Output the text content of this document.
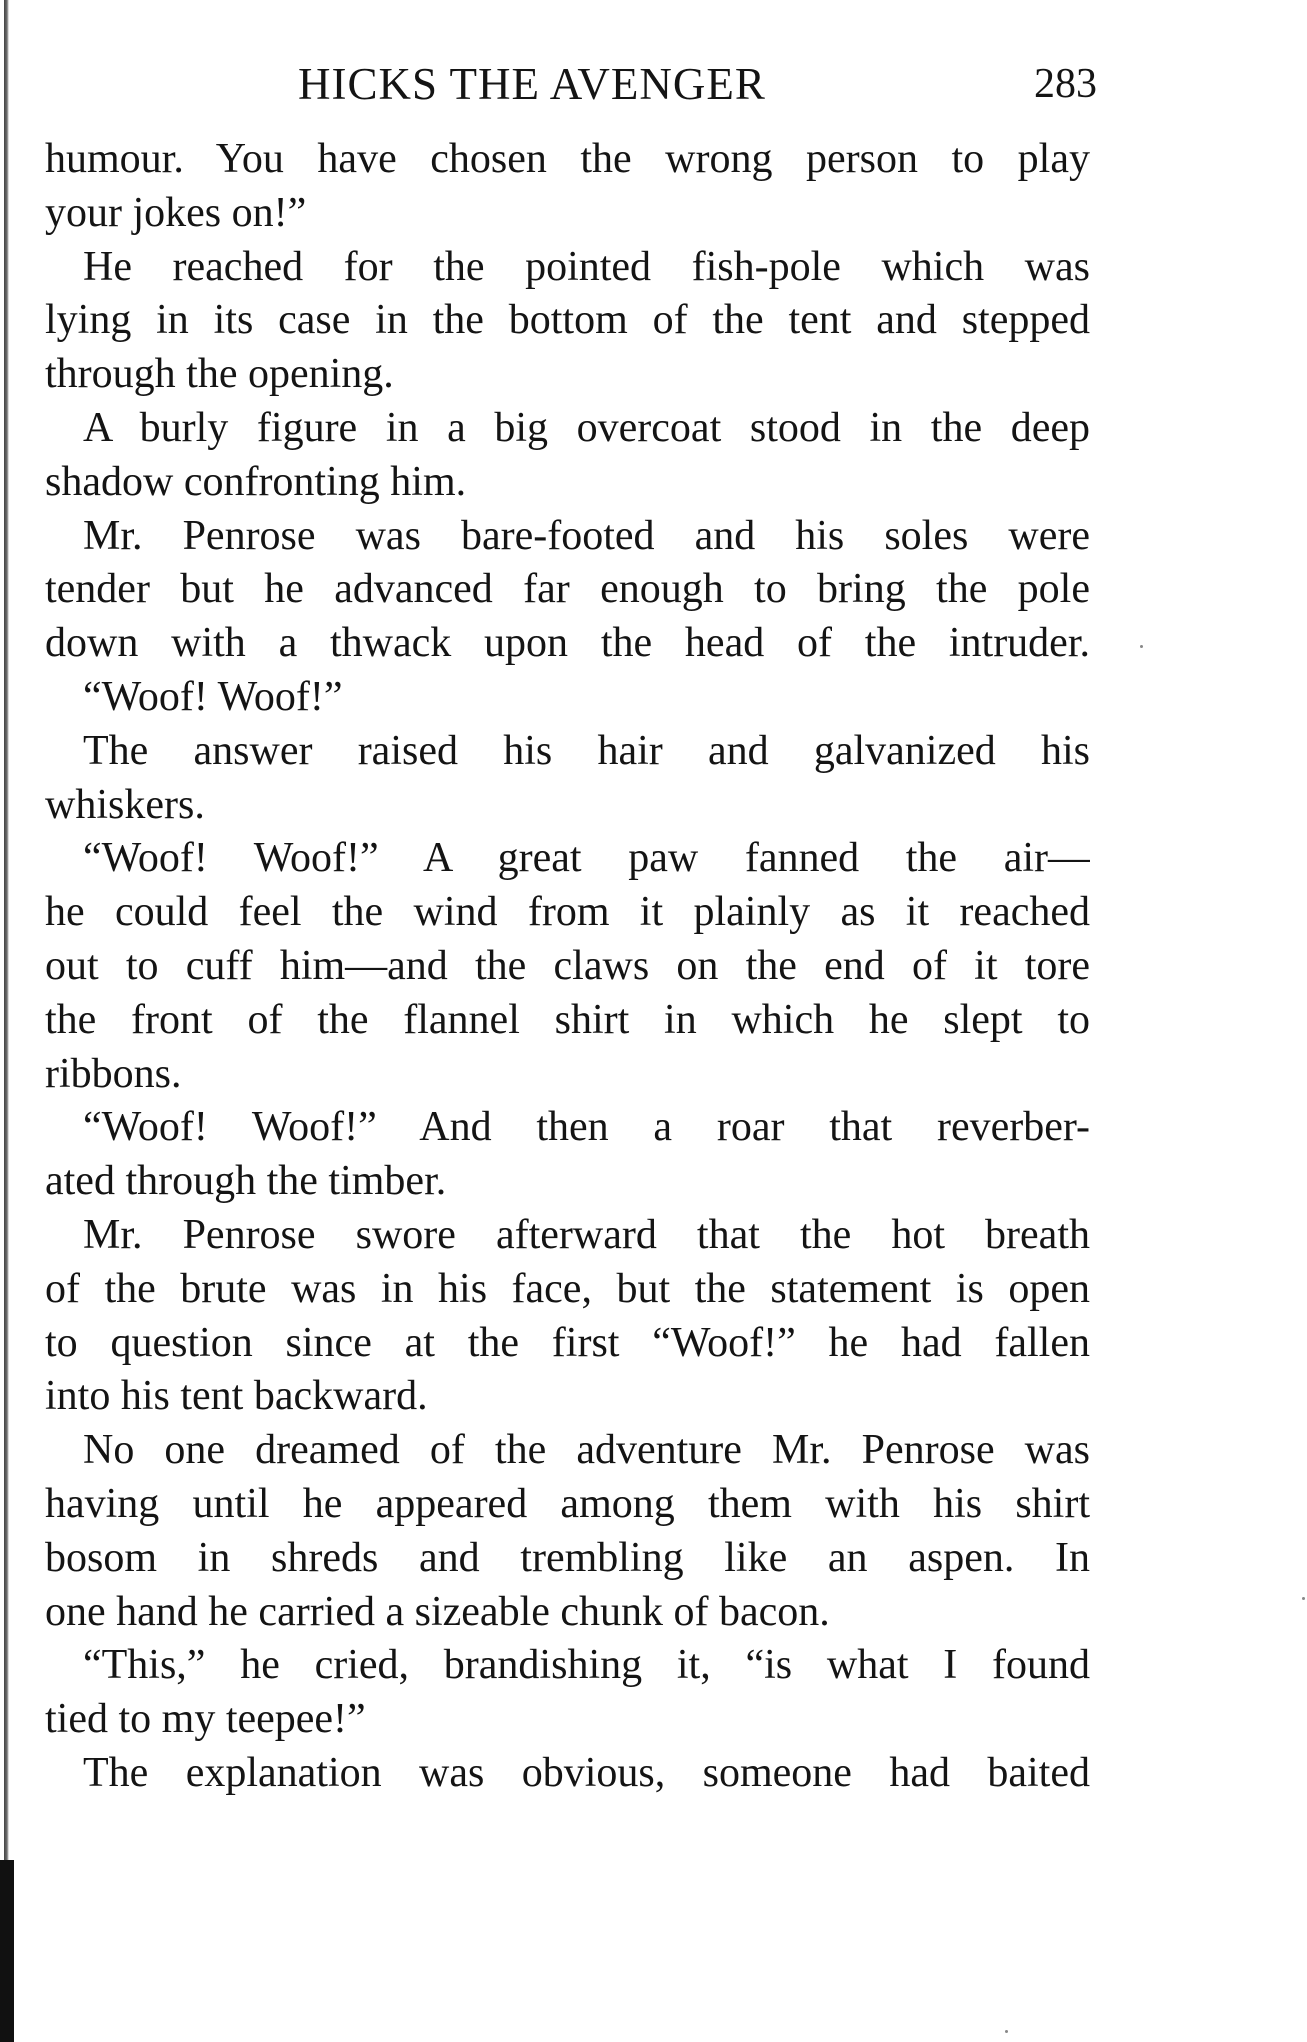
HICKS THE AVENGER	283
humour. You have chosen the wrong person to play
your jokes on!”
He reached for the pointed fish-pole which was
lying in its case in the bottom of the tent and stepped
through the opening.
A burly figure in a big overcoat stood in the deep
shadow confronting him.
Mr. Penrose was bare-footed and his soles were
tender but he advanced far enough to bring the pole
down with a thwack upon the head of the intruder.
“Woof! Woof!”
The answer raised his hair and galvanized his
whiskers.
“Woof! Woof!” A great paw fanned the air—
he could feel the wind from it plainly as it reached
out to cuff him—and the claws on the end of it tore
the front of the flannel shirt in which he slept to
ribbons.
“Woof! Woof!” And then a roar that reverber-
ated through the timber.
Mr. Penrose swore afterward that the hot breath
of the brute was in his face, but the statement is open
to question since at the first “Woof!” he had fallen
into his tent backward.
No one dreamed of the adventure Mr. Penrose was
having until he appeared among them with his shirt
bosom in shreds and trembling like an aspen. In
one hand he carried a sizeable chunk of bacon.
“This,” he cried, brandishing it, “is what I found
tied to my teepee!”
The explanation was obvious, someone had baited
